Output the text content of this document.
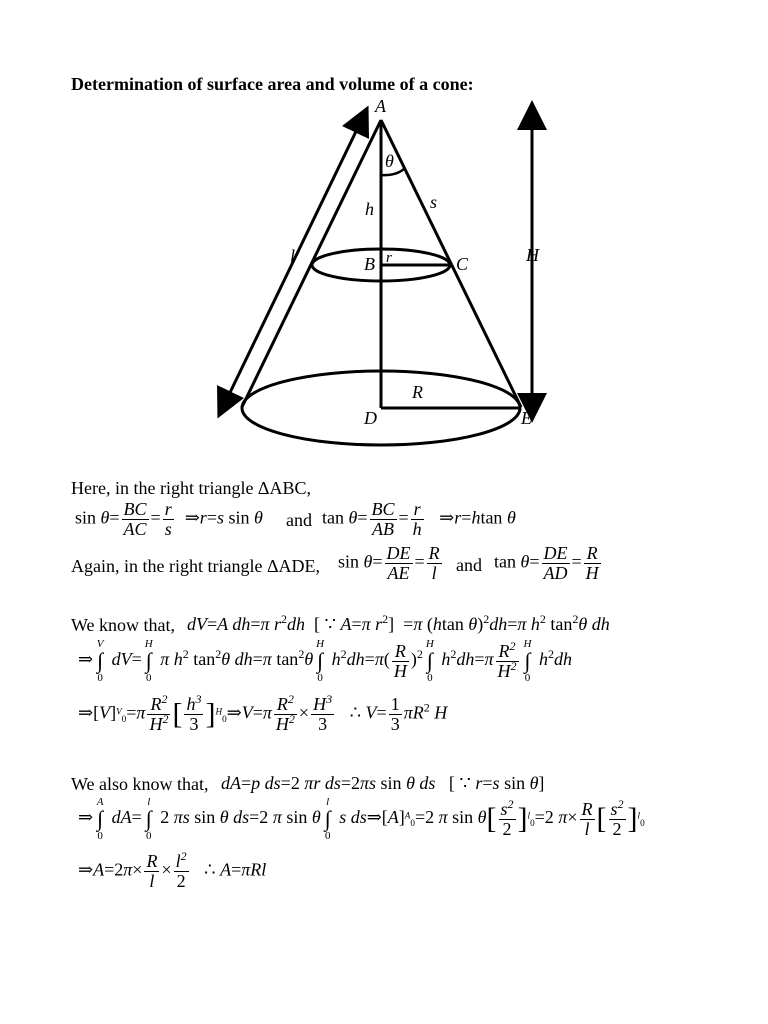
Determination of surface area and volume of a cone:
A
θ
h	s
r
B	C
l	H
R
D	E
Here, in the right triangle ΔABC,
$\sin \theta= \frac{BC}{AC} = \frac{r}{s}$ ⇒r=s sin θ and $\tan \theta= \frac{BC}{AB} = \frac{r}{h}$ ⇒r=htan θ
Again, in the right triangle ΔADE, $\sin \theta= \frac{DE}{AE} = \frac{R}{l}$ and $\tan \theta= \frac{DE}{AD} = \frac{R}{H}$
We know that, dV=A dh=π $r^2dh$  [ ∵ A=π $r^2] =\pi$ (htan θ)$^2$dh=π $h^2$ $\tan^2\theta$ dh
⇒V
∫
0 dV=H
∫
0 π $h^2$ $\tan^2\theta$ dh=π $\tan^2\theta H$
∫
0 $h^2dh=\pi( \frac{R}{H} )^2H$
∫
0 $h^2dh=\pi \frac{R^2}{H^2}$ H
∫
0 $h^2dh$
$\Rightarrow[V]^V_0=\pi \frac{R^2}{H^2}$ [ $\frac{h^3}{3}$ ]$^H_0$⇒V=π $\frac{R^2}{H^2} \times \frac{H^3}{3}$ ∴ $V= \frac{1}{3} \pi R^2$ H
We also know that, dA=p ds=2 πr ds=2πs sin θ ds   [ ∵ r=s sin θ]
⇒A
∫
0 dA=l
∫
0 2 πs sin θ ds=2 π sin θl
∫
0 s $ds\Rightarrow[A]^A_0=2$ π $\sin \theta[ \frac{s^2}{2} ]^l_0=2$ $\pi\times \frac{R}{l}$ [ $\frac{s^2}{2} ]^l_0$
⇒A=2π× $\frac{R}{l} \times \frac{l^2}{2}$ ∴ A=πRl
